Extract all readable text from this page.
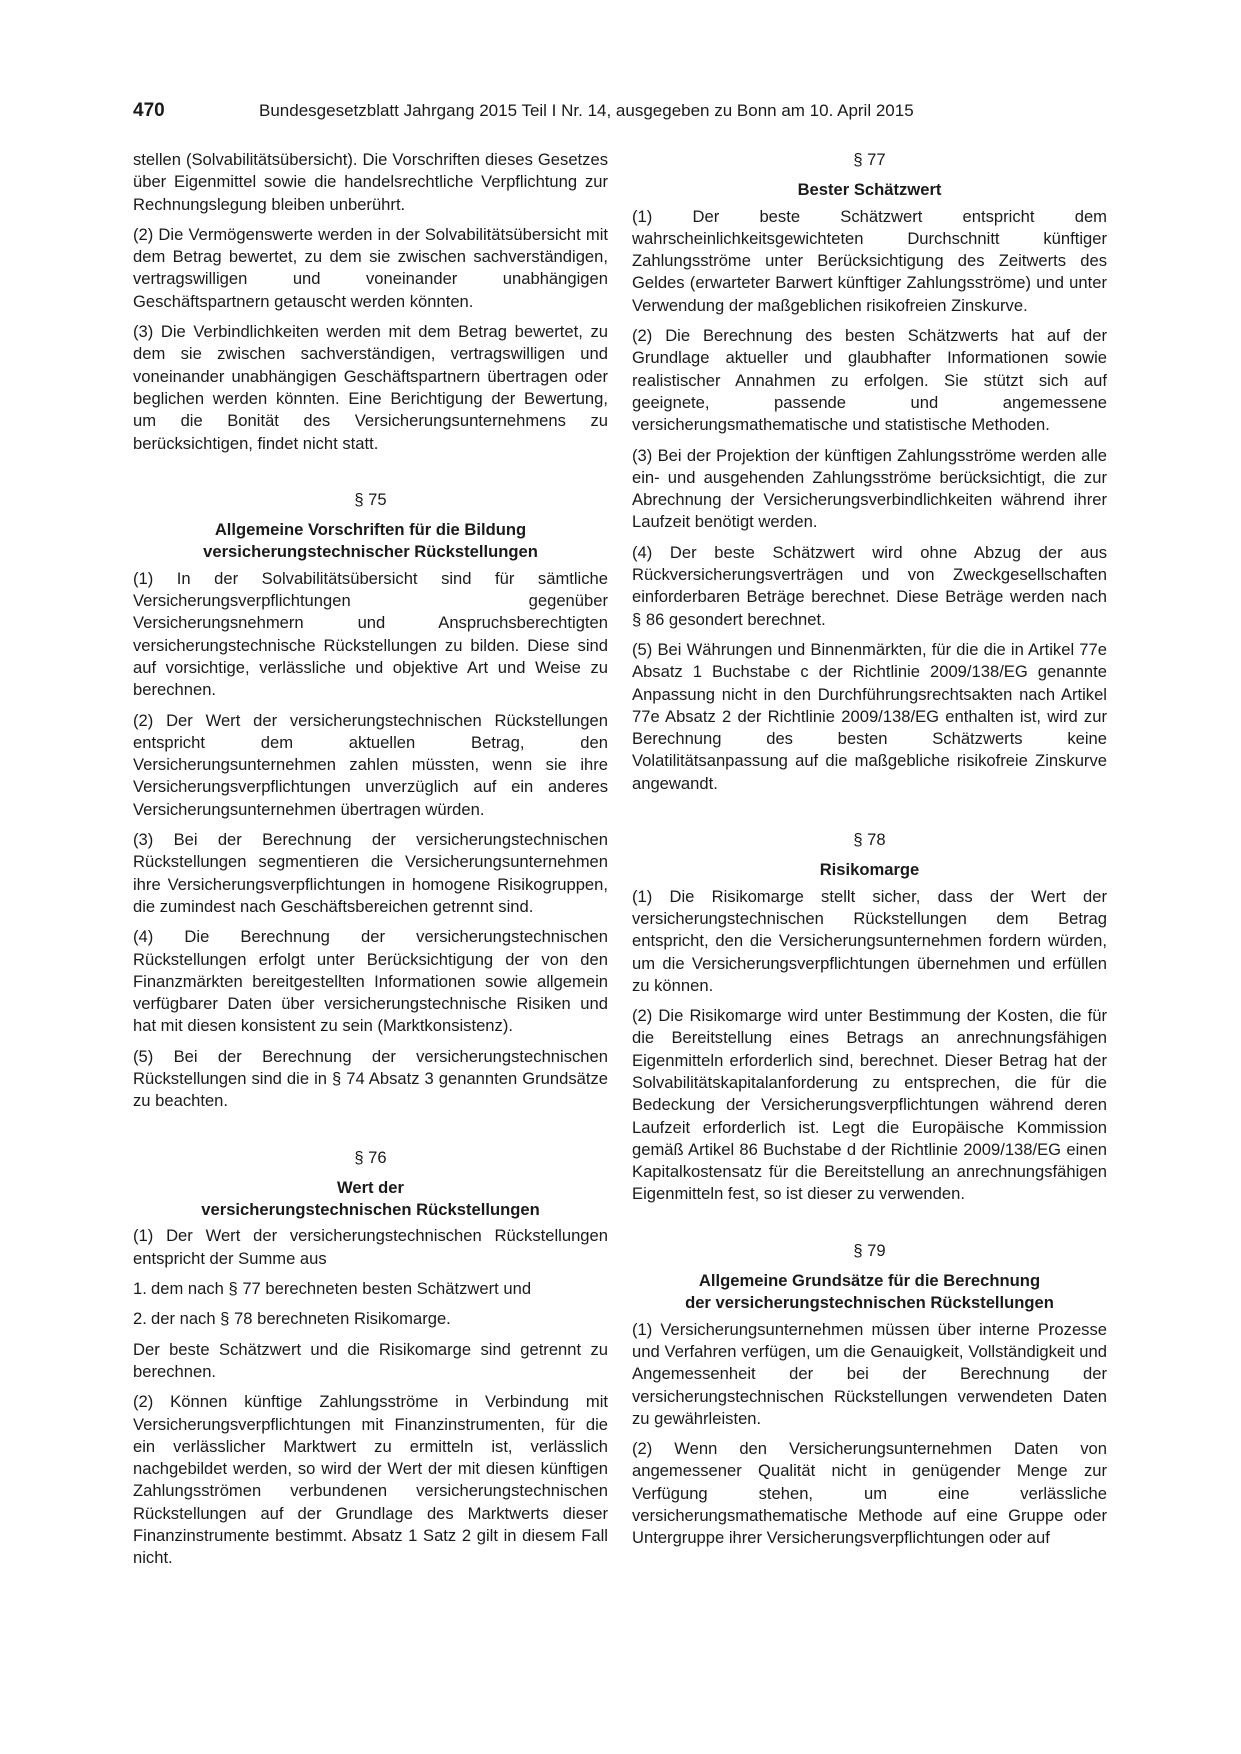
470	Bundesgesetzblatt Jahrgang 2015 Teil I Nr. 14, ausgegeben zu Bonn am 10. April 2015

stellen (Solvabilitätsübersicht). Die Vorschriften dieses Gesetzes über Eigenmittel sowie die handelsrechtliche Verpflichtung zur Rechnungslegung bleiben unberührt.

(2) Die Vermögenswerte werden in der Solvabilitätsübersicht mit dem Betrag bewertet, zu dem sie zwischen sachverständigen, vertragswilligen und voneinander unabhängigen Geschäftspartnern getauscht werden könnten.

(3) Die Verbindlichkeiten werden mit dem Betrag bewertet, zu dem sie zwischen sachverständigen, vertragswilligen und voneinander unabhängigen Geschäftspartnern übertragen oder beglichen werden könnten. Eine Berichtigung der Bewertung, um die Bonität des Versicherungsunternehmens zu berücksichtigen, findet nicht statt.

§ 75
Allgemeine Vorschriften für die Bildung
versicherungstechnischer Rückstellungen

(1) In der Solvabilitätsübersicht sind für sämtliche Versicherungsverpflichtungen gegenüber Versicherungsnehmern und Anspruchsberechtigten versicherungstechnische Rückstellungen zu bilden. Diese sind auf vorsichtige, verlässliche und objektive Art und Weise zu berechnen.

(2) Der Wert der versicherungstechnischen Rückstellungen entspricht dem aktuellen Betrag, den Versicherungsunternehmen zahlen müssten, wenn sie ihre Versicherungsverpflichtungen unverzüglich auf ein anderes Versicherungsunternehmen übertragen würden.

(3) Bei der Berechnung der versicherungstechnischen Rückstellungen segmentieren die Versicherungsunternehmen ihre Versicherungsverpflichtungen in homogene Risikogruppen, die zumindest nach Geschäftsbereichen getrennt sind.

(4) Die Berechnung der versicherungstechnischen Rückstellungen erfolgt unter Berücksichtigung der von den Finanzmärkten bereitgestellten Informationen sowie allgemein verfügbarer Daten über versicherungstechnische Risiken und hat mit diesen konsistent zu sein (Marktkonsistenz).

(5) Bei der Berechnung der versicherungstechnischen Rückstellungen sind die in § 74 Absatz 3 genannten Grundsätze zu beachten.

§ 76
Wert der
versicherungstechnischen Rückstellungen

(1) Der Wert der versicherungstechnischen Rückstellungen entspricht der Summe aus

1. dem nach § 77 berechneten besten Schätzwert und
2. der nach § 78 berechneten Risikomarge.

Der beste Schätzwert und die Risikomarge sind getrennt zu berechnen.

(2) Können künftige Zahlungsströme in Verbindung mit Versicherungsverpflichtungen mit Finanzinstrumenten, für die ein verlässlicher Marktwert zu ermitteln ist, verlässlich nachgebildet werden, so wird der Wert der mit diesen künftigen Zahlungsströmen verbundenen versicherungstechnischen Rückstellungen auf der Grundlage des Marktwerts dieser Finanzinstrumente bestimmt. Absatz 1 Satz 2 gilt in diesem Fall nicht.

§ 77
Bester Schätzwert

(1) Der beste Schätzwert entspricht dem wahrscheinlichkeitsgewichteten Durchschnitt künftiger Zahlungsströme unter Berücksichtigung des Zeitwerts des Geldes (erwarteter Barwert künftiger Zahlungsströme) und unter Verwendung der maßgeblichen risikofreien Zinskurve.

(2) Die Berechnung des besten Schätzwerts hat auf der Grundlage aktueller und glaubhafter Informationen sowie realistischer Annahmen zu erfolgen. Sie stützt sich auf geeignete, passende und angemessene versicherungsmathematische und statistische Methoden.

(3) Bei der Projektion der künftigen Zahlungsströme werden alle ein- und ausgehenden Zahlungsströme berücksichtigt, die zur Abrechnung der Versicherungsverbindlichkeiten während ihrer Laufzeit benötigt werden.

(4) Der beste Schätzwert wird ohne Abzug der aus Rückversicherungsverträgen und von Zweckgesellschaften einforderbaren Beträge berechnet. Diese Beträge werden nach § 86 gesondert berechnet.

(5) Bei Währungen und Binnenmärkten, für die die in Artikel 77e Absatz 1 Buchstabe c der Richtlinie 2009/138/EG genannte Anpassung nicht in den Durchführungsrechtsakten nach Artikel 77e Absatz 2 der Richtlinie 2009/138/EG enthalten ist, wird zur Berechnung des besten Schätzwerts keine Volatilitätsanpassung auf die maßgebliche risikofreie Zinskurve angewandt.

§ 78
Risikomarge

(1) Die Risikomarge stellt sicher, dass der Wert der versicherungstechnischen Rückstellungen dem Betrag entspricht, den die Versicherungsunternehmen fordern würden, um die Versicherungsverpflichtungen übernehmen und erfüllen zu können.

(2) Die Risikomarge wird unter Bestimmung der Kosten, die für die Bereitstellung eines Betrags an anrechnungsfähigen Eigenmitteln erforderlich sind, berechnet. Dieser Betrag hat der Solvabilitätskapitalanforderung zu entsprechen, die für die Bedeckung der Versicherungsverpflichtungen während deren Laufzeit erforderlich ist. Legt die Europäische Kommission gemäß Artikel 86 Buchstabe d der Richtlinie 2009/138/EG einen Kapitalkostensatz für die Bereitstellung an anrechnungsfähigen Eigenmitteln fest, so ist dieser zu verwenden.

§ 79
Allgemeine Grundsätze für die Berechnung
der versicherungstechnischen Rückstellungen

(1) Versicherungsunternehmen müssen über interne Prozesse und Verfahren verfügen, um die Genauigkeit, Vollständigkeit und Angemessenheit der bei der Berechnung der versicherungstechnischen Rückstellungen verwendeten Daten zu gewährleisten.

(2) Wenn den Versicherungsunternehmen Daten von angemessener Qualität nicht in genügender Menge zur Verfügung stehen, um eine verlässliche versicherungsmathematische Methode auf eine Gruppe oder Untergruppe ihrer Versicherungsverpflichtungen oder auf
